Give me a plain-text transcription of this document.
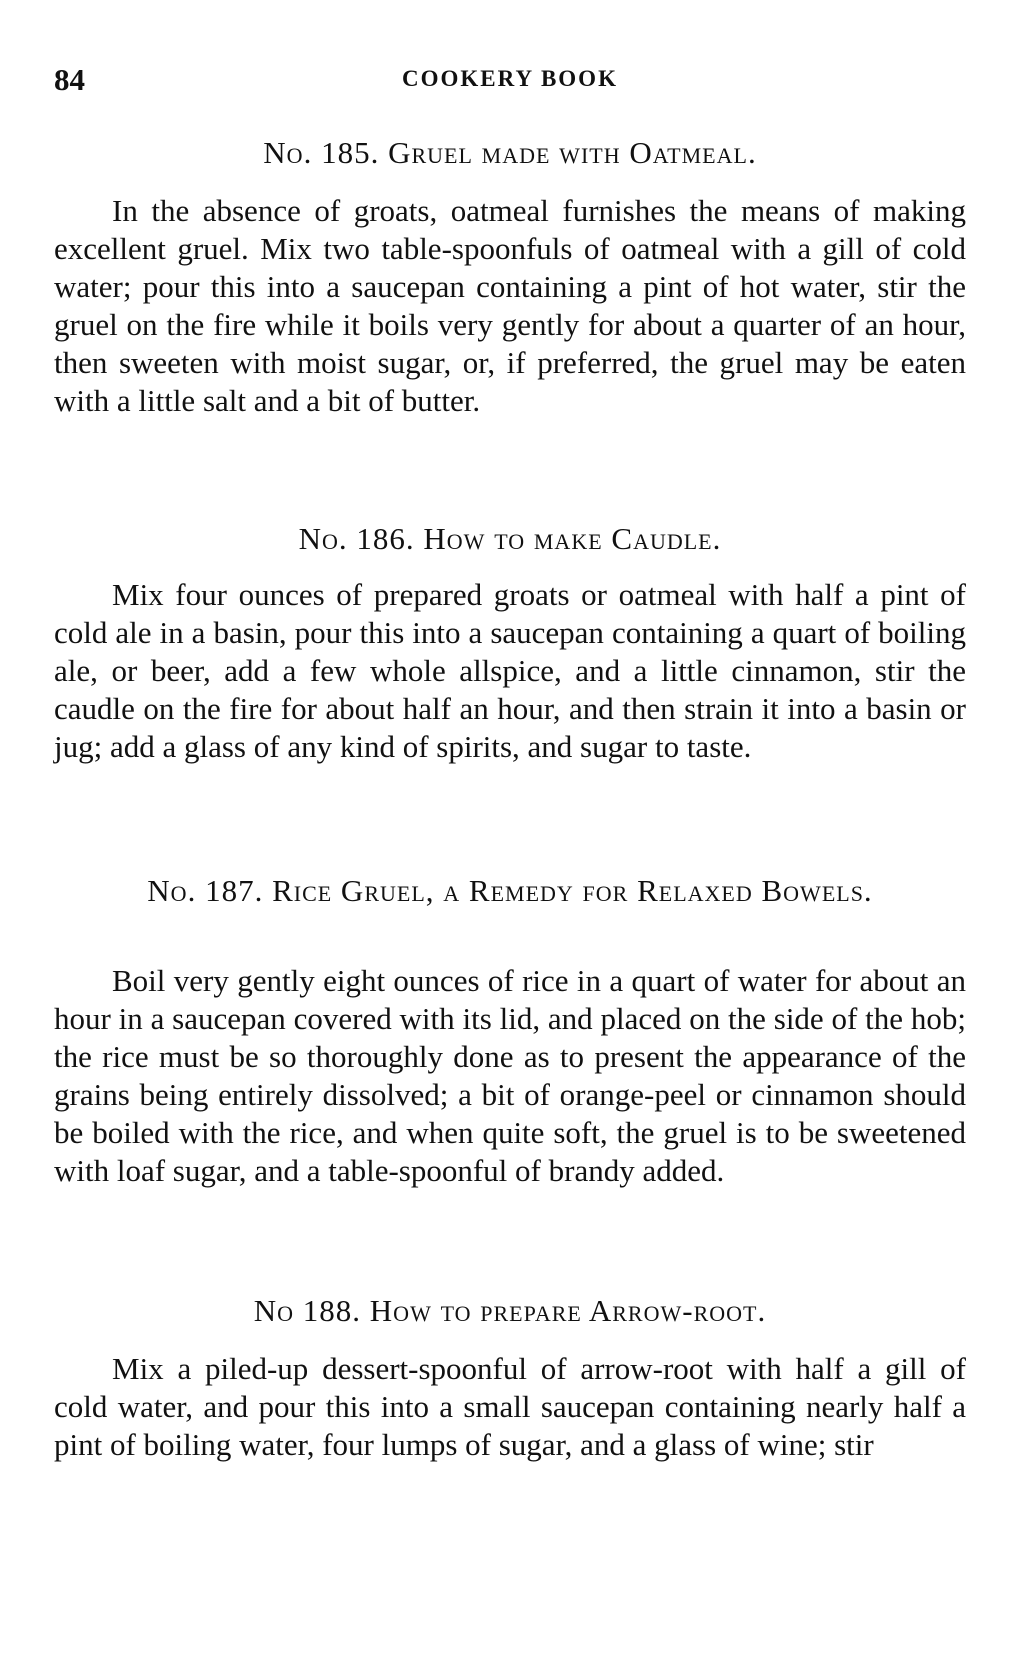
84	COOKERY BOOK
No. 185. Gruel made with Oatmeal.

In the absence of groats, oatmeal furnishes the means of making excellent gruel. Mix two table-spoonfuls of oatmeal with a gill of cold water; pour this into a saucepan containing a pint of hot water, stir the gruel on the fire while it boils very gently for about a quarter of an hour, then sweeten with moist sugar, or, if preferred, the gruel may be eaten with a little salt and a bit of butter.

No. 186. How to make Caudle.

Mix four ounces of prepared groats or oatmeal with half a pint of cold ale in a basin, pour this into a saucepan containing a quart of boiling ale, or beer, add a few whole allspice, and a little cinnamon, stir the caudle on the fire for about half an hour, and then strain it into a basin or jug; add a glass of any kind of spirits, and sugar to taste.

No. 187. Rice Gruel, a Remedy for Relaxed Bowels.

Boil very gently eight ounces of rice in a quart of water for about an hour in a saucepan covered with its lid, and placed on the side of the hob; the rice must be so thoroughly done as to present the appearance of the grains being entirely dissolved; a bit of orange-peel or cinnamon should be boiled with the rice, and when quite soft, the gruel is to be sweetened with loaf sugar, and a table-spoonful of brandy added.

No 188. How to prepare Arrow-root.

Mix a piled-up dessert-spoonful of arrow-root with half a gill of cold water, and pour this into a small saucepan containing nearly half a pint of boiling water, four lumps of sugar, and a glass of wine; stir
